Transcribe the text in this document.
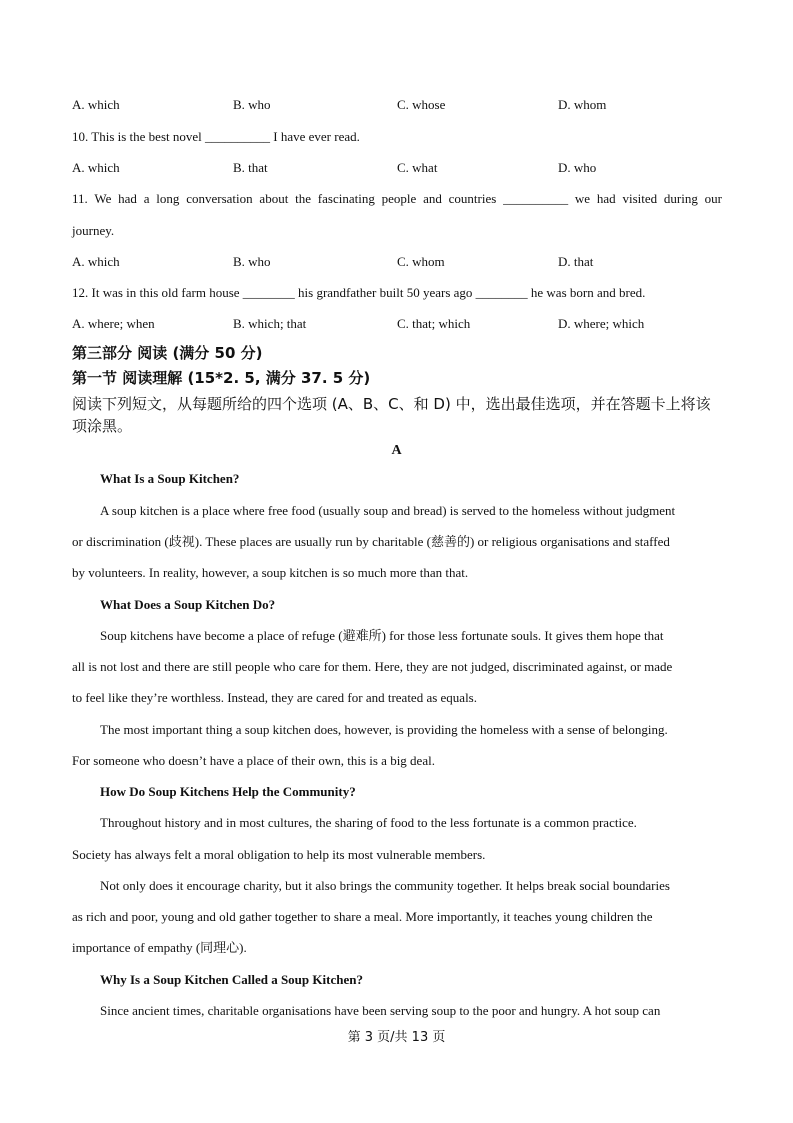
A. which	B. who	C. whose	D. whom
10. This is the best novel __________ I have ever read.
A. which	B. that	C. what	D. who
11. We had a long conversation about the fascinating people and countries __________ we had visited during our
journey.
A. which	B. who	C. whom	D. that
12. It was in this old farm house ________ his grandfather built 50 years ago ________ he was born and bred.
A. where; when	B. which; that	C. that; which	D. where; which
第三部分 阅读 (满分 50 分)
第一节 阅读理解 (15*2. 5, 满分 37. 5 分)
阅读下列短文，从每题所给的四个选项 (A、B、C、和 D) 中，选出最佳选项，并在答题卡上将该项涂黑。
A
What Is a Soup Kitchen?
A soup kitchen is a place where free food (usually soup and bread) is served to the homeless without judgment
or discrimination (歧视). These places are usually run by charitable (慈善的) or religious organisations and staffed
by volunteers. In reality, however, a soup kitchen is so much more than that.
What Does a Soup Kitchen Do?
Soup kitchens have become a place of refuge (避难所) for those less fortunate souls. It gives them hope that
all is not lost and there are still people who care for them. Here, they are not judged, discriminated against, or made
to feel like they’re worthless. Instead, they are cared for and treated as equals.
The most important thing a soup kitchen does, however, is providing the homeless with a sense of belonging.
For someone who doesn’t have a place of their own, this is a big deal.
How Do Soup Kitchens Help the Community?
Throughout history and in most cultures, the sharing of food to the less fortunate is a common practice.
Society has always felt a moral obligation to help its most vulnerable members.
Not only does it encourage charity, but it also brings the community together. It helps break social boundaries
as rich and poor, young and old gather together to share a meal. More importantly, it teaches young children the
importance of empathy (同理心).
Why Is a Soup Kitchen Called a Soup Kitchen?
Since ancient times, charitable organisations have been serving soup to the poor and hungry. A hot soup can
第 3 页/共 13 页
